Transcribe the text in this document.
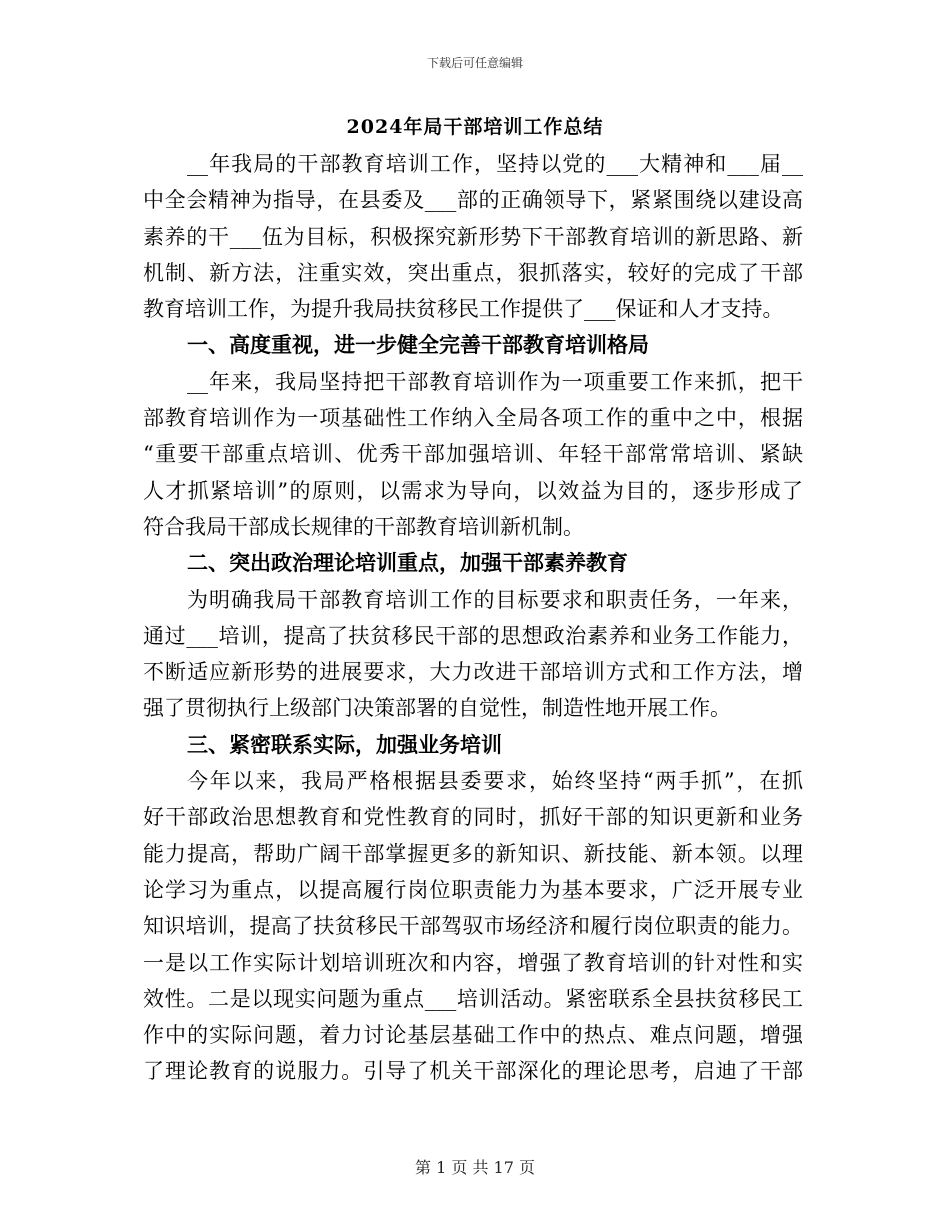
下载后可任意编辑
2024年局干部培训工作总结
__年我局的干部教育培训工作，坚持以党的___大精神和___届__
中全会精神为指导，在县委及___部的正确领导下，紧紧围绕以建设高
素养的干___伍为目标，积极探究新形势下干部教育培训的新思路、新
机制、新方法，注重实效，突出重点，狠抓落实，较好的完成了干部
教育培训工作，为提升我局扶贫移民工作提供了___保证和人才支持。
一、高度重视，进一步健全完善干部教育培训格局
__年来，我局坚持把干部教育培训作为一项重要工作来抓，把干
部教育培训作为一项基础性工作纳入全局各项工作的重中之中，根据
“重要干部重点培训、优秀干部加强培训、年轻干部常常培训、紧缺
人才抓紧培训”的原则，以需求为导向，以效益为目的，逐步形成了
符合我局干部成长规律的干部教育培训新机制。
二、突出政治理论培训重点，加强干部素养教育
为明确我局干部教育培训工作的目标要求和职责任务，一年来，
通过___培训，提高了扶贫移民干部的思想政治素养和业务工作能力，
不断适应新形势的进展要求，大力改进干部培训方式和工作方法，增
强了贯彻执行上级部门决策部署的自觉性，制造性地开展工作。
三、紧密联系实际，加强业务培训
今年以来，我局严格根据县委要求，始终坚持“两手抓”，在抓
好干部政治思想教育和党性教育的同时，抓好干部的知识更新和业务
能力提高，帮助广阔干部掌握更多的新知识、新技能、新本领。以理
论学习为重点，以提高履行岗位职责能力为基本要求，广泛开展专业
知识培训，提高了扶贫移民干部驾驭市场经济和履行岗位职责的能力。
一是以工作实际计划培训班次和内容，增强了教育培训的针对性和实
效性。二是以现实问题为重点___培训活动。紧密联系全县扶贫移民工
作中的实际问题，着力讨论基层基础工作中的热点、难点问题，增强
了理论教育的说服力。引导了机关干部深化的理论思考，启迪了干部
第 1 页 共 17 页
